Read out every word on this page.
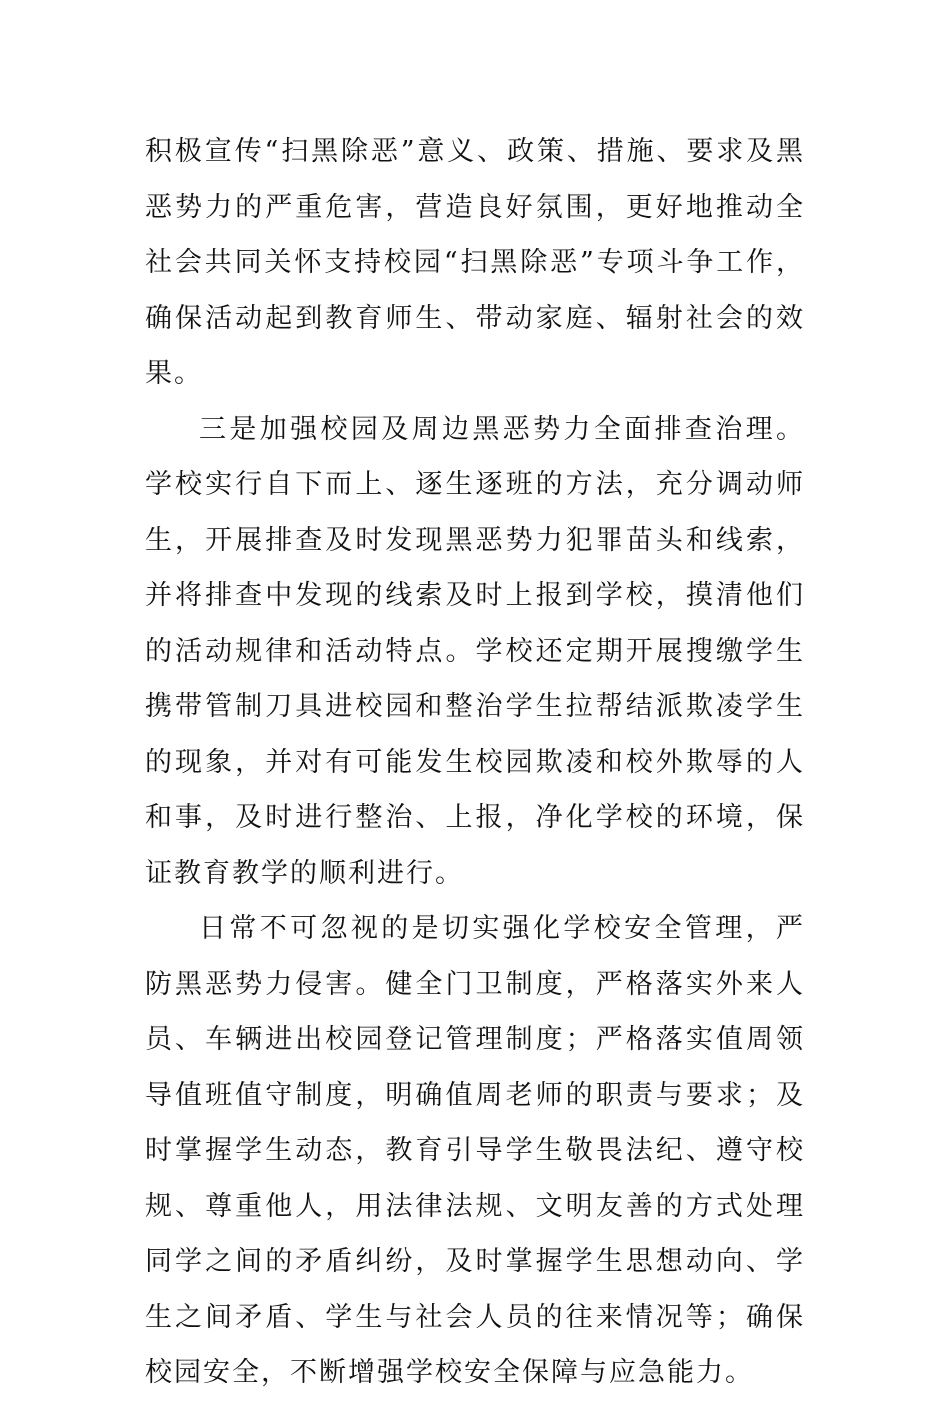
积极宣传“扫黑除恶”意义、政策、措施、要求及黑恶势力的严重危害，营造良好氛围，更好地推动全社会共同关怀支持校园“扫黑除恶”专项斗争工作，确保活动起到教育师生、带动家庭、辐射社会的效果。

三是加强校园及周边黑恶势力全面排查治理。学校实行自下而上、逐生逐班的方法，充分调动师生，开展排查及时发现黑恶势力犯罪苗头和线索，并将排查中发现的线索及时上报到学校，摸清他们的活动规律和活动特点。学校还定期开展搜缴学生携带管制刀具进校园和整治学生拉帮结派欺凌学生的现象，并对有可能发生校园欺凌和校外欺辱的人和事，及时进行整治、上报，净化学校的环境，保证教育教学的顺利进行。

日常不可忽视的是切实强化学校安全管理，严防黑恶势力侵害。健全门卫制度，严格落实外来人员、车辆进出校园登记管理制度；严格落实值周领导值班值守制度，明确值周老师的职责与要求；及时掌握学生动态，教育引导学生敬畏法纪、遵守校规、尊重他人，用法律法规、文明友善的方式处理同学之间的矛盾纠纷，及时掌握学生思想动向、学生之间矛盾、学生与社会人员的往来情况等；确保校园安全，不断增强学校安全保障与应急能力。
